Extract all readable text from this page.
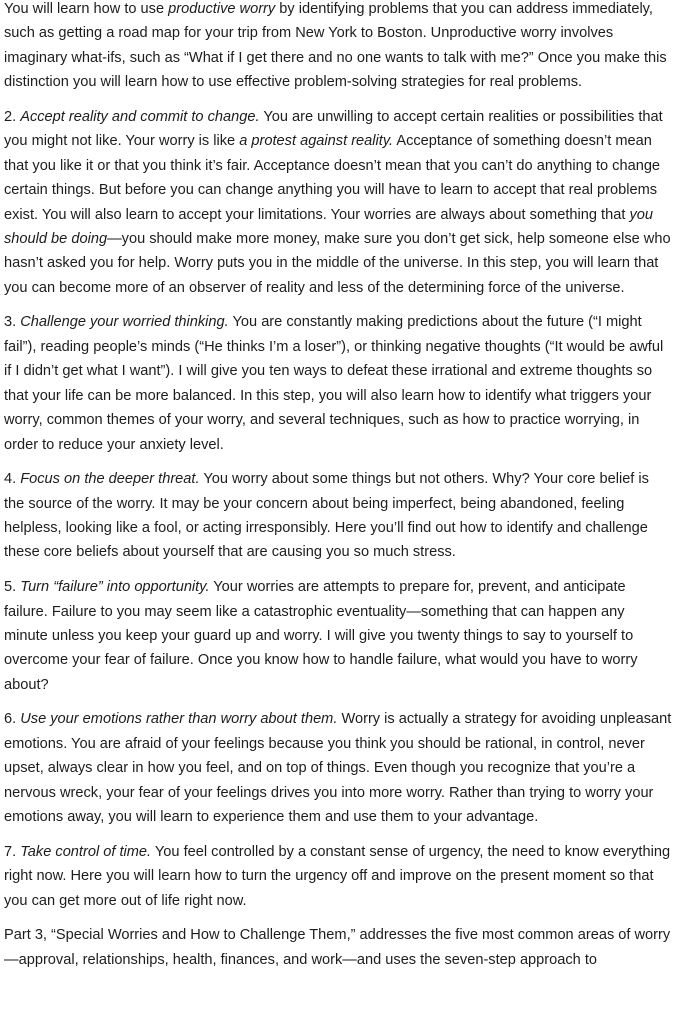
You will learn how to use productive worry by identifying problems that you can address immediately, such as getting a road map for your trip from New York to Boston. Unproductive worry involves imaginary what-ifs, such as “What if I get there and no one wants to talk with me?” Once you make this distinction you will learn how to use effective problem-solving strategies for real problems.

2. Accept reality and commit to change. You are unwilling to accept certain realities or possibilities that you might not like. Your worry is like a protest against reality. Acceptance of something doesn’t mean that you like it or that you think it’s fair. Acceptance doesn’t mean that you can’t do anything to change certain things. But before you can change anything you will have to learn to accept that real problems exist. You will also learn to accept your limitations. Your worries are always about something that you should be doing—you should make more money, make sure you don’t get sick, help someone else who hasn’t asked you for help. Worry puts you in the middle of the universe. In this step, you will learn that you can become more of an observer of reality and less of the determining force of the universe.

3. Challenge your worried thinking. You are constantly making predictions about the future (“I might fail”), reading people’s minds (“He thinks I’m a loser”), or thinking negative thoughts (“It would be awful if I didn’t get what I want”). I will give you ten ways to defeat these irrational and extreme thoughts so that your life can be more balanced. In this step, you will also learn how to identify what triggers your worry, common themes of your worry, and several techniques, such as how to practice worrying, in order to reduce your anxiety level.

4. Focus on the deeper threat. You worry about some things but not others. Why? Your core belief is the source of the worry. It may be your concern about being imperfect, being abandoned, feeling helpless, looking like a fool, or acting irresponsibly. Here you’ll find out how to identify and challenge these core beliefs about yourself that are causing you so much stress.

5. Turn “failure” into opportunity. Your worries are attempts to prepare for, prevent, and anticipate failure. Failure to you may seem like a catastrophic eventuality—something that can happen any minute unless you keep your guard up and worry. I will give you twenty things to say to yourself to overcome your fear of failure. Once you know how to handle failure, what would you have to worry about?

6. Use your emotions rather than worry about them. Worry is actually a strategy for avoiding unpleasant emotions. You are afraid of your feelings because you think you should be rational, in control, never upset, always clear in how you feel, and on top of things. Even though you recognize that you’re a nervous wreck, your fear of your feelings drives you into more worry. Rather than trying to worry your emotions away, you will learn to experience them and use them to your advantage.

7. Take control of time. You feel controlled by a constant sense of urgency, the need to know everything right now. Here you will learn how to turn the urgency off and improve on the present moment so that you can get more out of life right now.

Part 3, “Special Worries and How to Challenge Them,” addresses the five most common areas of worry—approval, relationships, health, finances, and work—and uses the seven-step approach to
